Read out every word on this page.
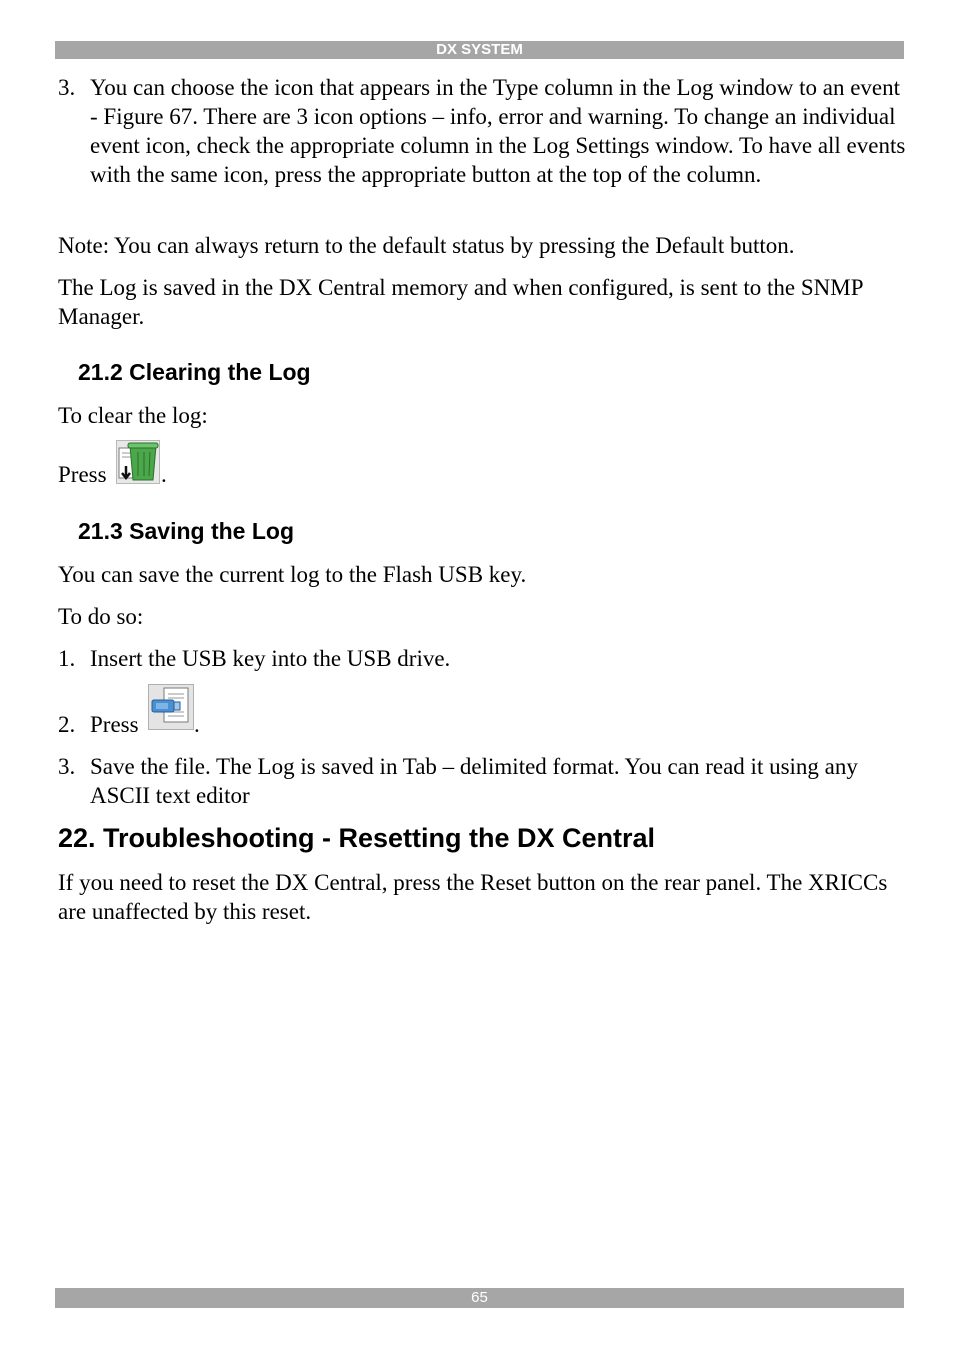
DX SYSTEM
3. You can choose the icon that appears in the Type column in the Log window to an event - Figure 67. There are 3 icon options – info, error and warning. To change an individual event icon, check the appropriate column in the Log Settings window. To have all events with the same icon, press the appropriate button at the top of the column.

Note: You can always return to the default status by pressing the Default button.

The Log is saved in the DX Central memory and when configured, is sent to the SNMP Manager.

21.2 Clearing the Log

To clear the log:

Press .
21.3 Saving the Log

You can save the current log to the Flash USB key.

To do so:

1. Insert the USB key into the USB drive.
2. Press .
3. Save the file. The Log is saved in Tab – delimited format. You can read it using any ASCII text editor
22. Troubleshooting - Resetting the DX Central

If you need to reset the DX Central, press the Reset button on the rear panel. The XRICCs are unaffected by this reset.

65
